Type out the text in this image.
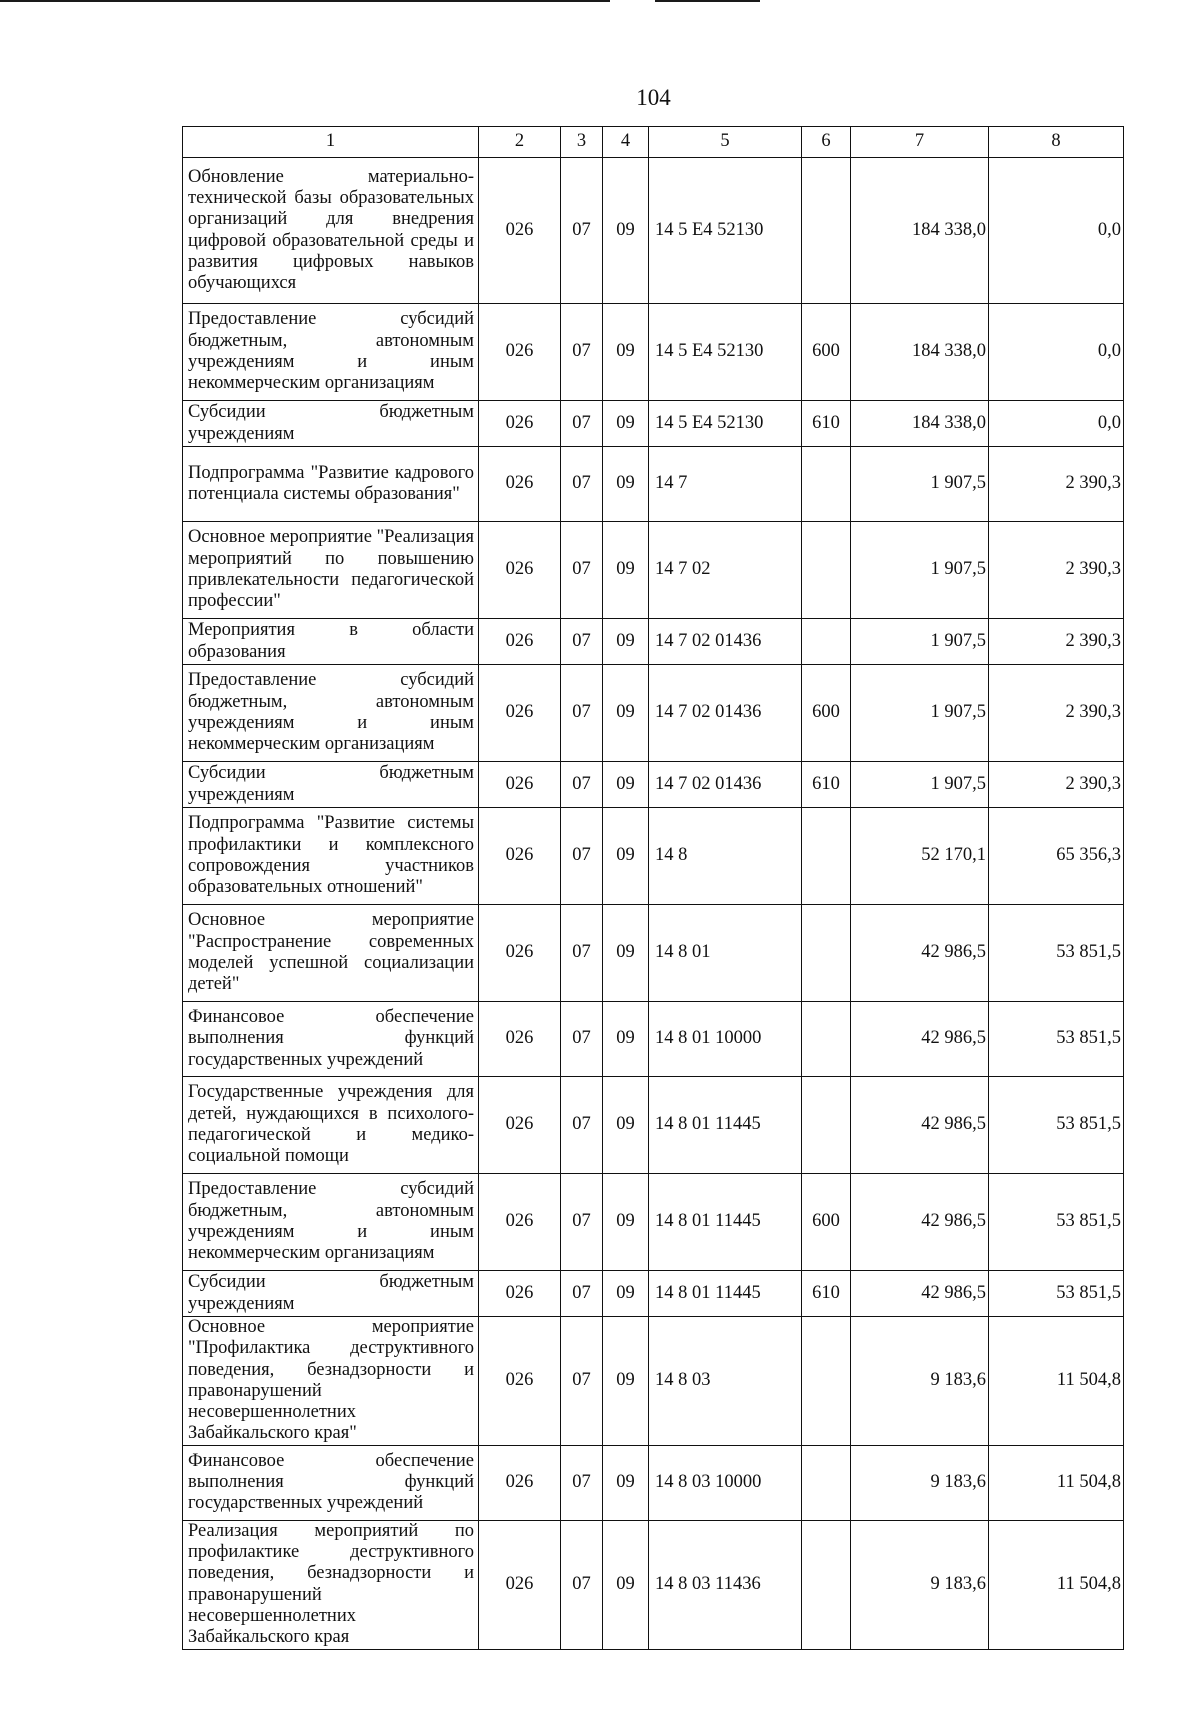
104
1	2	3	4	5	6	7	8
Обновление материально-технической базы образовательных организаций для внедрения цифровой образовательной среды и развития цифровых навыков обучающихся	026	07	09	14 5 E4 52130		184 338,0	0,0
Предоставление субсидий бюджетным, автономным учреждениям и иным некоммерческим организациям	026	07	09	14 5 E4 52130	600	184 338,0	0,0
Субсидии бюджетным учреждениям	026	07	09	14 5 E4 52130	610	184 338,0	0,0
Подпрограмма "Развитие кадрового потенциала системы образования"	026	07	09	14 7		1 907,5	2 390,3
Основное мероприятие "Реализация мероприятий по повышению привлекательности педагогической профессии"	026	07	09	14 7 02		1 907,5	2 390,3
Мероприятия в области образования	026	07	09	14 7 02 01436		1 907,5	2 390,3
Предоставление субсидий бюджетным, автономным учреждениям и иным некоммерческим организациям	026	07	09	14 7 02 01436	600	1 907,5	2 390,3
Субсидии бюджетным учреждениям	026	07	09	14 7 02 01436	610	1 907,5	2 390,3
Подпрограмма "Развитие системы профилактики и комплексного сопровождения участников образовательных отношений"	026	07	09	14 8		52 170,1	65 356,3
Основное мероприятие "Распространение современных моделей успешной социализации детей"	026	07	09	14 8 01		42 986,5	53 851,5
Финансовое обеспечение выполнения функций государственных учреждений	026	07	09	14 8 01 10000		42 986,5	53 851,5
Государственные учреждения для детей, нуждающихся в психолого-педагогической и медико-социальной помощи	026	07	09	14 8 01 11445		42 986,5	53 851,5
Предоставление субсидий бюджетным, автономным учреждениям и иным некоммерческим организациям	026	07	09	14 8 01 11445	600	42 986,5	53 851,5
Субсидии бюджетным учреждениям	026	07	09	14 8 01 11445	610	42 986,5	53 851,5
Основное мероприятие "Профилактика деструктивного поведения, безнадзорности и правонарушений несовершеннолетних Забайкальского края"	026	07	09	14 8 03		9 183,6	11 504,8
Финансовое обеспечение выполнения функций государственных учреждений	026	07	09	14 8 03 10000		9 183,6	11 504,8
Реализация мероприятий по профилактике деструктивного поведения, безнадзорности и правонарушений несовершеннолетних Забайкальского края	026	07	09	14 8 03 11436		9 183,6	11 504,8
